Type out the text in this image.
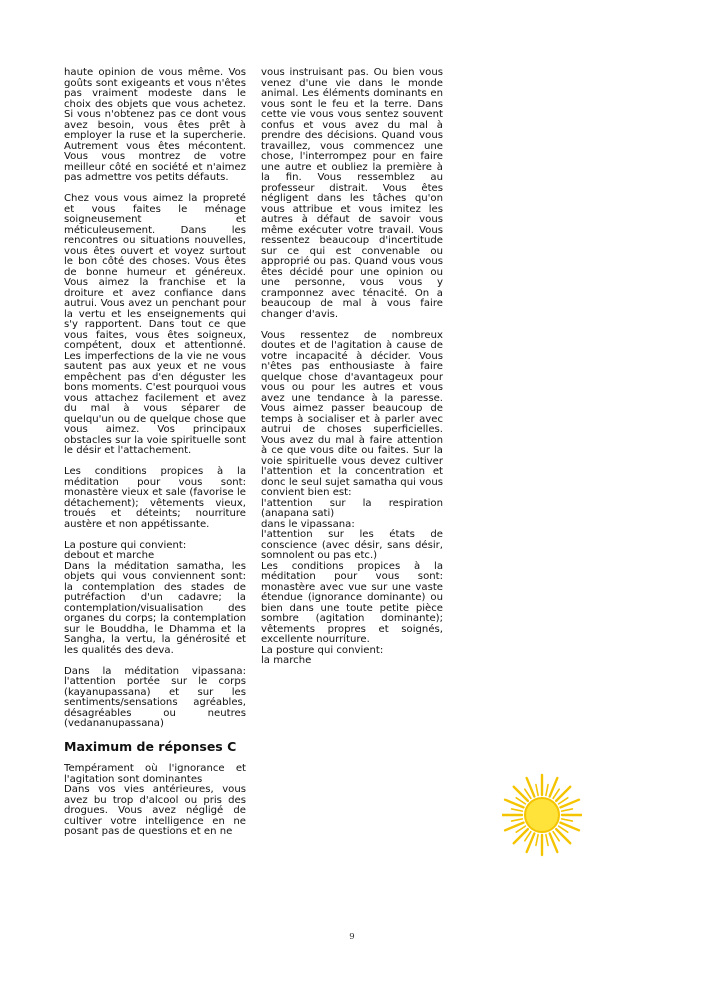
haute opinion de vous même. Vos goûts sont exigeants et vous n'êtes pas vraiment modeste dans le choix des objets que vous achetez. Si vous n'obtenez pas ce dont vous avez besoin, vous êtes prêt à employer la ruse et la supercherie. Autrement vous êtes mécontent. Vous vous montrez de votre meilleur côté en société et n'aimez pas admettre vos petits défauts.

Chez vous vous aimez la propreté et vous faites le ménage soigneusement et méticuleusement. Dans les rencontres ou situations nouvelles, vous êtes ouvert et voyez surtout le bon côté des choses. Vous êtes de bonne humeur et généreux. Vous aimez la franchise et la droiture et avez confiance dans autrui. Vous avez un penchant pour la vertu et les enseignements qui s'y rapportent. Dans tout ce que vous faites, vous êtes soigneux, compétent, doux et attentionné. Les imperfections de la vie ne vous sautent pas aux yeux et ne vous empêchent pas d'en déguster les bons moments. C'est pourquoi vous vous attachez facilement et avez du mal à vous séparer de quelqu'un ou de quelque chose que vous aimez. Vos principaux obstacles sur la voie spirituelle sont le désir et l'attachement.

Les conditions propices à la méditation pour vous sont: monastère vieux et sale (favorise le détachement); vêtements vieux, troués et déteints; nourriture austère et non appétissante.

La posture qui convient:

debout et marche

Dans la méditation samatha, les objets qui vous conviennent sont: la contemplation des stades de putréfaction d'un cadavre; la contemplation/visualisation des organes du corps; la contemplation sur le Bouddha, le Dhamma et la Sangha, la vertu, la générosité et les qualités des deva.

Dans la méditation vipassana: l'attention portée sur le corps (kayanupassana) et sur les sentiments/sensations agréables, désagréables ou neutres (vedananupassana)

Maximum de réponses C

Tempérament où l'ignorance et l'agitation sont dominantes

Dans vos vies antérieures, vous avez bu trop d'alcool ou pris des drogues. Vous avez négligé de cultiver votre intelligence en ne posant pas de questions et en ne

vous instruisant pas. Ou bien vous venez d'une vie dans le monde animal. Les éléments dominants en vous sont le feu et la terre. Dans cette vie vous vous sentez souvent confus et vous avez du mal à prendre des décisions. Quand vous travaillez, vous commencez une chose, l'interrompez pour en faire une autre et oubliez la première à la fin. Vous ressemblez au professeur distrait. Vous êtes négligent dans les tâches qu'on vous attribue et vous imitez les autres à défaut de savoir vous même exécuter votre travail. Vous ressentez beaucoup d'incertitude sur ce qui est convenable ou approprié ou pas. Quand vous vous êtes décidé pour une opinion ou une personne, vous vous y cramponnez avec ténacité. On a beaucoup de mal à vous faire changer d'avis.

Vous ressentez de nombreux doutes et de l'agitation à cause de votre incapacité à décider. Vous n'êtes pas enthousiaste à faire quelque chose d'avantageux pour vous ou pour les autres et vous avez une tendance à la paresse. Vous aimez passer beaucoup de temps à socialiser et à parler avec autrui de choses superficielles. Vous avez du mal à faire attention à ce que vous dite ou faites. Sur la voie spirituelle vous devez cultiver l'attention et la concentration et donc le seul sujet samatha qui vous convient bien est:

l'attention sur la respiration (anapana sati)

dans le vipassana:

l'attention sur les états de conscience (avec désir, sans désir, somnolent ou pas etc.)

Les conditions propices à la méditation pour vous sont: monastère avec vue sur une vaste étendue (ignorance dominante) ou bien dans une toute petite pièce sombre (agitation dominante); vêtements propres et soignés, excellente nourriture.

La posture qui convient:

la marche

9
